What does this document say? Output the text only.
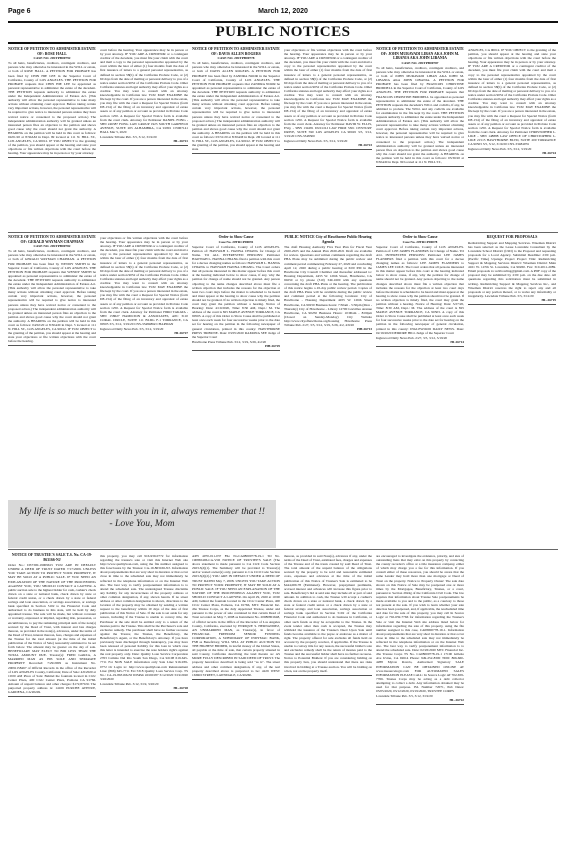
Page 6	March 12, 2020
PUBLIC NOTICES
NOTICE OF PETITION TO ADMINISTER ESTATE OF: ROSE HALL
CASE NO. 20STPB00792
To all heirs, beneficiaries, creditors, contingent creditors, and persons who may otherwise be interested in the WILL or estate, or both of ROSE HALL. A PETITION FOR PROBATE has been filed by CHIN HIE LEE in the Superior Court of California, County of LOS ANGELES. THE PETITION FOR PROBATE requests that CHIN HIE LEE be appointed as personal representative to administer the estate of the decedent. THE PETITION requests authority to administer the estate under the Independent Administration of Estates Act. (This authority will allow the personal representative to take many actions without obtaining court approval. Before taking certain very important actions, however, the personal representative will be required to give notice to interested persons unless they have waived notice or consented to the proposed action.) The independent administration authority will be granted unless an interested person files an objection to the petition and shows good cause why the court should not grant the authority. A HEARING on the petition will be held in this court as follows: 04/01/20 at 8:30AM in Dept. 99 located at 111 N. HILL ST., LOS ANGELES, CA 90012. IF YOU OBJECT to the granting of the petition, you should appear at the hearing and state your objections or file written objections with the court before the hearing. Your appearance may be in person or by your attorney.
court before the hearing. Your appearance may be in person or by your attorney. IF YOU ARE A CREDITOR or a contingent creditor of the decedent, you must file your claim with the court and mail a copy to the personal representative appointed by the court within the later of either (1) four months from the date of first issuance of letters to a general personal representative, as defined in section 58(b) of the California Probate Code, or (2) 60 days from the date of mailing or personal delivery to you of a notice under section 9052 of the California Probate Code. Other California statutes and legal authority may affect your rights as a creditor. You may want to consult with an attorney knowledgeable in California law. YOU MAY EXAMINE the file kept by the court. If you are a person interested in the estate, you may file with the court a Request for Special Notice (form DE-154) of the filing of an inventory and appraisal of estate assets or of any petition or account as provided in Probate Code section 1250. A Request for Special Notice form is available from the court clerk. Attorney for Petitioner DANIEL FONG - SBN 246387 FONG LAW GROUP 1925 SOUTH GARFIELD AVENUE, SUITE 205 ALHAMBRA, CA 91801 CN967141 HALL Mar 5, 2020
Lawndale Tribune Pub. 3/5, 3/12, 3/19/20
HL-26721
NOTICE OF PETITION TO ADMINISTER ESTATE OF: DAVIS ALLEN ROGERS
CASE NO. 20STPB00778
To all heirs, beneficiaries, creditors, contingent creditors, and persons who may otherwise be interested in the WILL or estate, or both of DAVIS ALLEN ROGERS. A PETITION FOR PROBATE has been filed by ZANDRA NOOR in the Superior Court of California, County of LOS ANGELES. THE PETITION FOR PROBATE requests that ZANDRA NOOR be appointed as personal representative to administer the estate of the decedent. THE PETITION requests authority to administer the estate under the Independent Administration of Estates Act. (This authority will allow the personal representative to take many actions without obtaining court approval. Before taking certain very important actions, however, the personal representative will be required to give notice to interested persons unless they have waived notice or consented to the proposed action.) The independent administration authority will be granted unless an interested person files an objection to the petition and shows good cause why the court should not grant the authority. A HEARING on the petition will be held in this court as follows: 03/31/20 at 8:30AM in Dept. 2D located at 111 N. HILL ST., LOS ANGELES, CA 90012. IF YOU OBJECT to the granting of the petition, you should appear at the hearing and state
your objections or file written objections with the court before the hearing. Your appearance may be in person or by your attorney. IF YOU ARE A CREDITOR or a contingent creditor of the decedent, you must file your claim with the court and mail a copy to the personal representative appointed by the court within the later of either (1) four months from the date of first issuance of letters to a general personal representative, as defined in section 58(b) of the California Probate Code, or (2) 60 days from the date of mailing or personal delivery to you of a notice under section 9052 of the California Probate Code. Other California statutes and legal authority may affect your rights as a creditor. You may want to consult with an attorney knowledgeable in California law. YOU MAY EXAMINE the file kept by the court. If you are a person interested in the estate, you may file with the court a Request for Special Notice (form DE-154) of the filing of an inventory and appraisal of estate assets or of any petition or account as provided in Probate Code section 1250. A Request for Special Notice form is available from the court clerk. Attorney for Petitioner DAVID W. ELLIS, ESQ. - SBN 134281 DUCOLI LAW FIRM 5301 CENTURY DRIVE, SUITE 590 LOS ANGELES CA 90045 3/5, 3/12, 3/19/20 CNS-3348300
Inglewood Daily News Pub. 3/5, 3/12, 3/19/20
HI-26723
NOTICE OF PETITION TO ADMINISTER ESTATE OF: JOHN MURAVADI LIBAN AKA JOHN M. LIBANIA AKA JOHN LIBANIA
CASE NO. 20STPB00787
To all heirs, beneficiaries, creditors, contingent creditors, and persons who may otherwise be interested in the WILL or estate, or both of JOHN MURAVADI LIBAN AKA JOHN M. LIBANIA AKA JOHN LIBANIA. A PETITION FOR PROBATE has been filed by FRANCOIS CHRISTINE BRIDDELL in the Superior Court of California, County of LOS ANGELES. THE PETITION FOR PROBATE requests that FRANCOIS CHRISTINE BRIDDELL be appointed as personal representative to administer the estate of the decedent. THE PETITION requests the decedent's WILL and codicils, if any, be admitted to probate. The WILL and any codicils are available for examination in the file kept by the court. THE PETITION requests authority to administer the estate under the Independent Administration of Estates Act. (This authority will allow the personal representative to take many actions without obtaining court approval. Before taking certain very important actions, however, the personal representative will be required to give notice to interested persons unless they have waived notice or consented to the proposed action.) The independent administration authority will be granted unless an interested person files an objection to the petition and shows good cause why the court should not grant the authority. A HEARING on the petition will be held in this court as follows: 03/30/20 at 8:30AM in Dept. 99 located at 111 N. HILL ST.,
ANGELES, CA 90012. IF YOU OBJECT to the granting of the petition, you should appear at the hearing and state your objections or file written objections with the court before the hearing. Your appearance may be in person or by your attorney. IF YOU ARE A CREDITOR or a contingent creditor of the decedent, you must file your claim with the court and mail a copy to the personal representative appointed by the court within the later of either (1) four months from the date of first issuance of letters to a general personal representative, as defined in section 58(b) of the California Probate Code, or (2) 60 days from the date of mailing or personal delivery to you of a notice under section 9052 of the California Probate Code. Other California statutes and legal authority may affect your rights as a creditor. You may want to consult with an attorney knowledgeable in California law. YOU MAY EXAMINE the file kept by the court. If you are a person interested in the estate, you may file with the court a Request for Special Notice (form DE-154) of the filing of an inventory and appraisal of estate assets or of any petition or account as provided in Probate Code section 1250. A Request for Special Notice form is available from the court clerk. Attorney for Petitioner CHRISTOPHER L. LIKE - SBN 148888 LAW OFFICE OF CHRISTOPHER L. LIKE 21515 HAWTHORNE BLVD, SUITE 200 TORRANCE CA 90503 3/5, 3/12, 3/19/20 CNS-3348497#
Inglewood Daily News Pub. 3/5, 3/12, 3/19/20
HI-26724
NOTICE OF PETITION TO ADMINISTER ESTATE OF: GERALD WAYMAN CHAPMAN
CASE NO. 20STPB00782
To all heirs, beneficiaries, creditors, contingent creditors, and persons who may otherwise be interested in the WILL or estate, or both of GERALD WAYMAN CHAPMAN. A PETITION FOR PROBATE has been filed by WENDY SMITH in the Superior Court of California, County of LOS ANGELES. THE PETITION FOR PROBATE requests that WENDY SMITH be appointed as personal representative to administer the estate of the decedent. THE PETITION requests authority to administer the estate under the Independent Administration of Estates Act. (This authority will allow the personal representative to take many actions without obtaining court approval. Before taking certain very important actions, however, the personal representative will be required to give notice to interested persons unless they have waived notice or consented to the proposed action.) The independent administration authority will be granted unless an interested person files an objection to the petition and shows good cause why the court should not grant the authority. A HEARING on the petition will be held in this court as follows: 04/02/20 at 8:30AM in Dept. 5 located at 111 N. HILL ST., LOS ANGELES, CA 90012. IF YOU OBJECT to the granting of the petition, you should appear at the hearing and state your objections or file written objections with the court before the hearing.
your objections or file written objections with the court before the hearing. Your appearance may be in person or by your attorney. IF YOU ARE A CREDITOR or a contingent creditor of the decedent, you must file your claim with the court and mail a copy to the personal representative appointed by the court within the later of either (1) four months from the date of first issuance of letters to a general personal representative, as defined in section 58(b) of the California Probate Code, or (2) 60 days from the date of mailing or personal delivery to you of a notice under section 9052 of the California Probate Code. Other California statutes and legal authority may affect your rights as a creditor. You may want to consult with an attorney knowledgeable in California law. YOU MAY EXAMINE the file kept by the court. If you are a person interested in the estate, you may file with the court a Request for Special Notice (form DE-154) of the filing of an inventory and appraisal of estate assets or of any petition or account as provided in Probate Code section 1250. A Request for Special Notice form is available from the court clerk. Attorney for Petitioner HIRO TAKATA - SBN 158627 HAMILTON & ASSOCIATES, APC 3110 CORAL CIRCLE, SUITE 111 BLDG F-1 TORRANCE, CA 90505 3/5, 3/12, 3/19/20 CNS-3348486# CHAPMAN
Inglewood Daily News Pub. 3/5, 3/12, 3/19/20
HI-26727
Order to Show Cause
Case No. 20TRCP00091
Superior Court of California, County of LOS ANGELES. Petition of: HAWWAH L. HANNA CHIANG for Change of Name. TO ALL INTERESTED PERSONS: Petitioner HAWWAH L. HANNA CHIANG filed a petition with this court for a decree changing names as follows: HAWWAH L. HANNA CHIANG to HAWWAH HANNA CHIANG. The Court orders that all persons interested in this matter appear before this court at the hearing indicated below to show cause, if any, why the petition for change of name should not be granted. Any person objecting to the name changes described above must file a written objection that includes the reasons for the objection at least two court days before the matter is scheduled to be heard and must appear at the hearing to show cause why the petition should not be granted. If no written objection is timely filed, the court may grant the petition without a hearing. Notice of Hearing: Date: 4/10/2020, Time: 8:30 AM, Dept.: M. The address of the court is 825 MAPLE AVENUE TORRANCE, CA 90503. A copy of this Order to Show Cause shall be published at least once each week for four successive weeks prior to the date set for hearing on the petition in the following newspaper of general circulation, printed in this county: HAWTHORNE PRESS TRIBUNE. Date: 03/05/2020 RAMONA SEE Judge of the Superior Court
Hawthorne Press Tribune Pub. 3/12, 3/19, 3/26, 4/2/20
HH-26729
PUBLIC NOTICE City of Hawthorne Public Hearing Agenda
The draft Housing Authority Five Year Plan for Fiscal Year 2020-2025 and the Annual Plan 2020-2021 Draft are available for review. Questions and written comments regarding the draft PHA Plans may be submitted during the public review and comment period commencing February 27, 2020 and concluding April 12, 2020 during a public hearing at 6:00 PM in the Hawthorne City Council Chamber and thereafter addressed to: Housing Department, 4455 W. 126th Street, Hawthorne, CA 90250 or by phone (310) 349-1600 with any questions concerning the draft PHA Plans or the hearing. The publication of this notice begins a 45-day public review period. Copies of the draft PHA Plans will be available during the public review and comment period at the following locations: City of Hawthorne - Housing Department 4455 W. 126th Street Hawthorne, CA 90250 Business hours: 7:30am - 5:30pm (Mon - Thursday) City of Hawthorne - Library 12700 Grevillea Avenue Hawthorne, CA 90250 Business Hours: 10:00am - 8:00pm (Closed on Sunday-Monday) City Website http://www.cityofhawthorne.org/housing Hawthorne Press Tribune Pub. 2/27, 3/5, 3/12, 3/19, 3/26, 4/2, 4/9/20
HH-26713
Order to Show Cause
Case No. 20TRCP00078
Superior Court of California, County of LOS ANGELES. Petition of: LEE JAMES FLANDERS for Change of Name. TO ALL INTERESTED PERSONS: Petitioner LEE JAMES FLANDERS filed a petition with this court for a decree changing names as follows: LEE JAMES FLANDERS to JAMES LEE COLE. The Court orders that all persons interested in this matter appear before this court at the hearing indicated below to show cause, if any, why the petition for change of name should not be granted. Any person objecting to the name changes described above must file a written objection that includes the reasons for the objection at least two court days before the matter is scheduled to be heard and must appear at the hearing to show cause why the petition should not be granted. If no written objection is timely filed, the court may grant the petition without a hearing. Notice of Hearing: Date: 3/27/20, Time: 8:30 AM, Dept.: M. The address of the court is 825 MAPLE AVENUE TORRANCE, CA 90503. A copy of this Order to Show Cause shall be published at least once each week for four successive weeks prior to the date set for hearing on the petition in the following newspaper of general circulation, printed in this county: INGLEWOOD DAILY NEWS. Date: 02/19/2020 DEIRDRE HILL Judge of the Superior Court
Inglewood Daily News Pub. 2/27, 3/5, 3/12, 3/19/20
HI-26714
REQUEST FOR PROPOSALS
Redistricting Support and Mapping Services. Wiseman District has been selected as the Lease Lawndale Consultant by the Lawndale School District (LSD) to the Proposal and requesting proposals for a Local Agency. Submittal Deadline: 2:00 p.m. (Pacific Time) Upstage Project Project Title: Redistricting Support & Mapping Services District: Wiseman District Main 4161 W. 147th St. Lawndale, CA 90260. Fax: 310-2011-2089. Email proposals to: ucitbowling@gmail.com. A PDF copy of the proposal may be submitted by 2:00 p.m. on the due date. All questions regarding this solicitation must be submitted in writing. Redistricting Support & Mapping Services Inc., and Wiseman District reserves the right to reject any and all proposals or any portion thereof, or to waive any informality or irregularity. Lawndale Tribune Pub. 3/5, 3/12/20
HL-26719
NOTICE OF TRUSTEE'S SALE T.S. No. CA-19-863166-NJ
Order No.: DS7300-19009615 YOU ARE IN DEFAULT UNDER A DEED OF TRUST DATED 7/17/2009. UNLESS YOU TAKE ACTION TO PROTECT YOUR PROPERTY, IT MAY BE SOLD AT A PUBLIC SALE. IF YOU NEED AN EXPLANATION OF THE NATURE OF THE PROCEEDING AGAINST YOU, YOU SHOULD CONTACT A LAWYER. A public auction sale to the highest bidder for cash, cashier's check drawn on a state or national bank, check drawn by state or federal credit union, or a check drawn by a state or federal savings and loan association, or savings association, or savings bank specified in Section 5102 to the Financial Code and authorized to do business in this state, will be held by duly appointed trustee. The sale will be made, but without covenant or warranty, expressed or implied, regarding title, possession, or encumbrances, to pay the remaining principal sum of the note(s) secured by the Deed of Trust, with interest and late charges thereon, as provided in the note(s), advances, under the terms of the Deed of Trust, interest thereon, fees, charges and expenses of the Trustee for the total amount (at the time of the initial publication of the Notice of Sale) reasonably estimated to be set forth below. The amount may be greater on the day of sale. BENEFICIARY MAY ELECT TO BID LESS THAN THE TOTAL AMOUNT DUE. Trustor(s): FRED GARZA, A MARRIED MAN AS HIS SOLE AND SEPARATE PROPERTY Recorded: 7/29/2009 as Instrument No. 20091158467 of Official Records in the office of the Recorder of LOS ANGELES County, California; Date of Sale: 4/6/2020 at 10:00 AM Place of Sale: Behind the fountain located in Civic Center Plaza, 400 Civic Center Plaza, Pomona CA 91766. Amount of unpaid balance and other charges: $172,870.91 The purported property address is: 14106 PURCHE AVENUE, GARDENA, CA 90249.
this property, you may call 916-939-0772 for information regarding the trustee's sale or visit this Internet Web site http://www.qualityloan.com, using the file number assigned to this foreclosure by the Trustee: CA-19-863166-NJ. Information about postponements that are very short in duration or that occur close in time to the scheduled sale may not immediately be reflected in the telephone information or on the Internet Web site. The best way to verify postponement information is to attend the scheduled sale. The undersigned Trustee disclaims any liability for any incorrectness of the property address or other common designation, if any, shown herein. If no street address or other common designation is shown, directions to the location of the property may be obtained by sending a written request to the beneficiary within 10 days of the date of first publication of this Notice of Sale. If the sale is set aside for any reason, including if the Trustee is unable to convey title, the Purchaser at the sale shall be entitled only to a return of the monies paid to the Trustee. This shall be the Purchaser's sole and exclusive remedy. The purchaser shall have no further recourse against the Trustor, the Trustee, the Beneficiary, the Beneficiary's Agent, or the Beneficiary's Attorney. If you have previously been discharged through bankruptcy, you may have been released of personal liability for this loan in which case this letter is intended to exercise the note holders right's against the real property only. Date: Quality Loan Service Corporation 2763 Camino Del Rio South San Diego, CA 92108 619-645-7711 For NON SALE information only Sale Line: 916-939-0772 Or Login to: http://www.qualityloan.com Reinstatement Line: (866) 645-7711 Ext 5318 Quality Loan Service Corp. TS No.: CA-19-863166-NJ IDSPub #0160187 3/12/2020 3/19/2020 3/26/2020
Lawndale Tribune Pub. 3/12, 3/19, 3/26/20
HL-26728
APN 4070-011-037 File No.CA08000778-19-1 TO No. 190865496-CA-VOI NOTICE OF TRUSTEE'S SALE (The above statement is made pursuant to CA Civil Code Section 2923.3(d)(1). The Summary will be provided to Trustor(s) and/or vested owner(s) only, pursuant to CA Civil Code Section 2923.3(d)(2).) YOU ARE IN DEFAULT UNDER A DEED OF TRUST DATED May 7, 2008. UNLESS YOU TAKE ACTION TO PROTECT YOUR PROPERTY, IT MAY BE SOLD AT A PUBLIC SALE. IF YOU NEED AN EXPLANATION OF THE NATURE OF THE PROCEEDINGS AGAINST YOU, YOU SHOULD CONTACT A LAWYER. On April 29, 2020 at 10:00 AM, behind the fountain located in the Civic Center Plaza, 400 Civic Center Plaza, Pomona, CA 91766, MTC Financial Inc. dba Trustee Corps, as the duly Appointed Trustee, under and pursuant to the power of sale contained in that certain Deed of Trust recorded on May 7, 2008 as Instrument No. 20080801648, of official records in the Office of the Recorder of Los Angeles County, California, executed by ENRIQUE S. HERNANDEZ, AN UNMARRIED MAN, as Trustor(s), in favor of FINANCIAL FREEDOM SENIOR FUNDING CORPORATION, A SUBSIDIARY OF INDYMAC BANK, FSB as Beneficiary, WILL SELL AT PUBLIC AUCTION TO THE HIGHEST BIDDER, in lawful money of the United States, all payable at the time of sale, that certain property situated in said County, California describing the land therein as: AS MORE FULLY DESCRIBED IN SAID DEED OF TRUST. The property heretofore described is being sold "as is". The street address and other common designation, if any, of the real property described above is purported to be: 4229 WEST 163RD STREET, LAWNDALE, CA 90260.
thereon, as provided in said Note(s), advances if any, under the terms of the Deed of Trust, estimated fees, charges and expenses of the Trustee and of the trusts created by said Deed of Trust. The total amount of the unpaid balance of the obligations secured by the property to be sold and reasonable estimated costs, expenses and advances at the time of the initial publication of this Notice of Trustee's Sale is estimated to be $444,006.78 (Estimated). However, prepayment premiums, accrued interest and advances will increase this figure prior to sale. Beneficiary's bid at said sale may include all or part of said amount. In addition to cash, the Trustee will accept a cashier's check drawn on a state or national bank, a check drawn by a state or federal credit union or a check drawn by a state or federal savings and loan association, savings association or savings bank specified in Section 5102 of the California Financial Code and authorized to do business in California, or other such funds as may be acceptable to the Trustee. In the event tender other than cash is accepted, the Trustee may withhold the issuance of the Trustee's Deed Upon Sale until funds become available to the payee or endorsee as a matter of right. The property offered for sale excludes all funds held on account by the property receiver, if applicable. If the Trustee is unable to convey title for any reason, the successful bidder's sole and exclusive remedy shall be the return of monies paid to the Trustee and the successful bidder shall have no further recourse. Notice to Potential Bidders: If you are considering bidding on this property lien, you should understand that there are risks involved in bidding at a Trustee auction. You will be bidding on a lien, not on the property itself.
are encouraged to investigate the existence, priority, and size of outstanding liens that may exist on this property by contacting the county recorder's office or a title insurance company, either of which may charge you a fee for this information. If you consult either of these resources, you should be aware that the same Lender may hold more than one mortgage or Deed of Trust on the property. Notice to Property Owner: The sale date shown on this Notice of Sale may be postponed one or more times by the Mortgagee, Beneficiary, Trustee, or a court, pursuant to Section 2924g of the California Civil Code. The law requires that information about Trustee Sale postponements be made available to you and to the public, as a courtesy to those not present at the sale. If you wish to learn whether your sale date has been postponed, and, if applicable, the rescheduled time and date for the sale of this property, you may call In Source Logic at 702-659-7766 for information regarding the Trustee's Sale or visit the Internet Web site address listed below for information regarding the sale of this property, using the file number assigned to this case, CA08000778-19-1. Information about postponements that are very short in duration or that occur close in time to the scheduled sale may not immediately be reflected in the telephone information or on the Internet Web site. The best way to verify postponement information is to attend the scheduled sale. Date: 02/26/2020 MTC Financial Inc. dba Trustee Corps TS No. CA08000778-19-1 17100 Gillette Ave Irvine, CA 92614 Phone: 949-252-8300 TDD: 866-660-4288 Myron Ravelo, Authorized Signatory SALE INFORMATION CAN BE OBTAINED ONLINE AT www.insourcelogic.com FOR AUTOMATED SALES INFORMATION PLEASE CALL: In Source Logic AT 702-659-7766. Trustee Corps may be acting as a debt collector attempting to collect a debt. Any information obtained may be used for that purpose. ISL Number 72071, Pub Dates: 03/05/2020, 03/12/2020, 03/19/2020, TRUSTEE CORPS
Lawndale Tribune Pub. 3/5, 3/12, 3/19/20
HL-26722
My life is so much better with you in it, always remember that !!
- Love You, Mom
